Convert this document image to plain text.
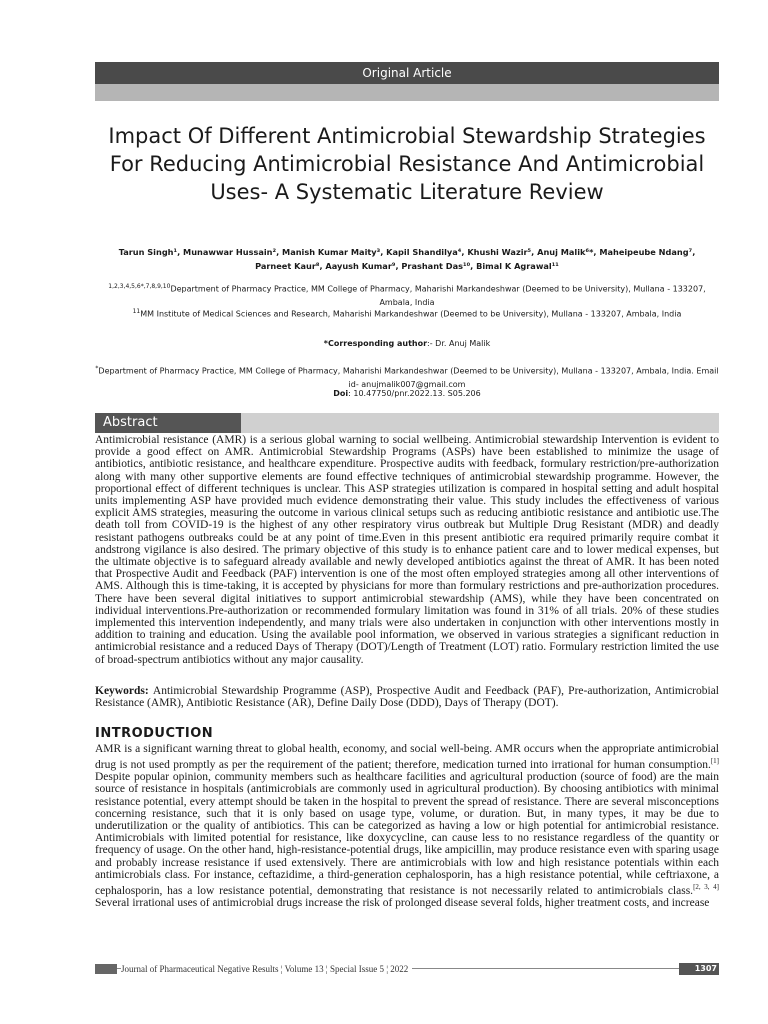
Original Article
Impact Of Different Antimicrobial Stewardship Strategies For Reducing Antimicrobial Resistance And Antimicrobial Uses- A Systematic Literature Review
Tarun Singh¹, Munawwar Hussain², Manish Kumar Maity³, Kapil Shandilya⁴, Khushi Wazir⁵, Anuj Malik⁶*, Maheipeube Ndang⁷,
Parneet Kaur⁸, Aayush Kumar⁹, Prashant Das¹⁰, Bimal K Agrawal¹¹
$^{1,2,3,4,5,6*,7,8,9,10}$Department of Pharmacy Practice, MM College of Pharmacy, Maharishi Markandeshwar (Deemed to be University), Mullana - 133207, Ambala, India
$^{11}$MM Institute of Medical Sciences and Research, Maharishi Markandeshwar (Deemed to be University), Mullana - 133207, Ambala, India
*Corresponding author:- Dr. Anuj Malik
*Department of Pharmacy Practice, MM College of Pharmacy, Maharishi Markandeshwar (Deemed to be University), Mullana - 133207, Ambala, India. Email id- anujmalik007@gmail.com
Doi: 10.47750/pnr.2022.13. S05.206
Abstract
Antimicrobial resistance (AMR) is a serious global warning to social wellbeing. Antimicrobial stewardship Intervention is evident to provide a good effect on AMR. Antimicrobial Stewardship Programs (ASPs) have been established to minimize the usage of antibiotics, antibiotic resistance, and healthcare expenditure. Prospective audits with feedback, formulary restriction/pre-authorization along with many other supportive elements are found effective techniques of antimicrobial stewardship programme. However, the proportional effect of different techniques is unclear. This ASP strategies utilization is compared in hospital setting and adult hospital units implementing ASP have provided much evidence demonstrating their value. This study includes the effectiveness of various explicit AMS strategies, measuring the outcome in various clinical setups such as reducing antibiotic resistance and antibiotic use.The death toll from COVID-19 is the highest of any other respiratory virus outbreak but Multiple Drug Resistant (MDR) and deadly resistant pathogens outbreaks could be at any point of time.Even in this present antibiotic era required primarily require combat it andstrong vigilance is also desired. The primary objective of this study is to enhance patient care and to lower medical expenses, but the ultimate objective is to safeguard already available and newly developed antibiotics against the threat of AMR. It has been noted that Prospective Audit and Feedback (PAF) intervention is one of the most often employed strategies among all other interventions of AMS. Although this is time-taking, it is accepted by physicians for more than formulary restrictions and pre-authorization procedures. There have been several digital initiatives to support antimicrobial stewardship (AMS), while they have been concentrated on individual interventions.Pre-authorization or recommended formulary limitation was found in 31% of all trials. 20% of these studies implemented this intervention independently, and many trials were also undertaken in conjunction with other interventions mostly in addition to training and education. Using the available pool information, we observed in various strategies a significant reduction in antimicrobial resistance and a reduced Days of Therapy (DOT)/Length of Treatment (LOT) ratio. Formulary restriction limited the use of broad-spectrum antibiotics without any major causality.
Keywords: Antimicrobial Stewardship Programme (ASP), Prospective Audit and Feedback (PAF), Pre-authorization, Antimicrobial Resistance (AMR), Antibiotic Resistance (AR), Define Daily Dose (DDD), Days of Therapy (DOT).
INTRODUCTION
AMR is a significant warning threat to global health, economy, and social well-being. AMR occurs when the appropriate antimicrobial drug is not used promptly as per the requirement of the patient; therefore, medication turned into irrational for human consumption.[1] Despite popular opinion, community members such as healthcare facilities and agricultural production (source of food) are the main source of resistance in hospitals (antimicrobials are commonly used in agricultural production). By choosing antibiotics with minimal resistance potential, every attempt should be taken in the hospital to prevent the spread of resistance. There are several misconceptions concerning resistance, such that it is only based on usage type, volume, or duration. But, in many types, it may be due to underutilization or the quality of antibiotics. This can be categorized as having a low or high potential for antimicrobial resistance. Antimicrobials with limited potential for resistance, like doxycycline, can cause less to no resistance regardless of the quantity or frequency of usage. On the other hand, high-resistance-potential drugs, like ampicillin, may produce resistance even with sparing usage and probably increase resistance if used extensively. There are antimicrobials with low and high resistance potentials within each antimicrobials class. For instance, ceftazidime, a third-generation cephalosporin, has a high resistance potential, while ceftriaxone, a cephalosporin, has a low resistance potential, demonstrating that resistance is not necessarily related to antimicrobials class.[2, 3, 4] Several irrational uses of antimicrobial drugs increase the risk of prolonged disease several folds, higher treatment costs, and increase
Journal of Pharmaceutical Negative Results ¦ Volume 13 ¦ Special Issue 5 ¦ 2022	1307
